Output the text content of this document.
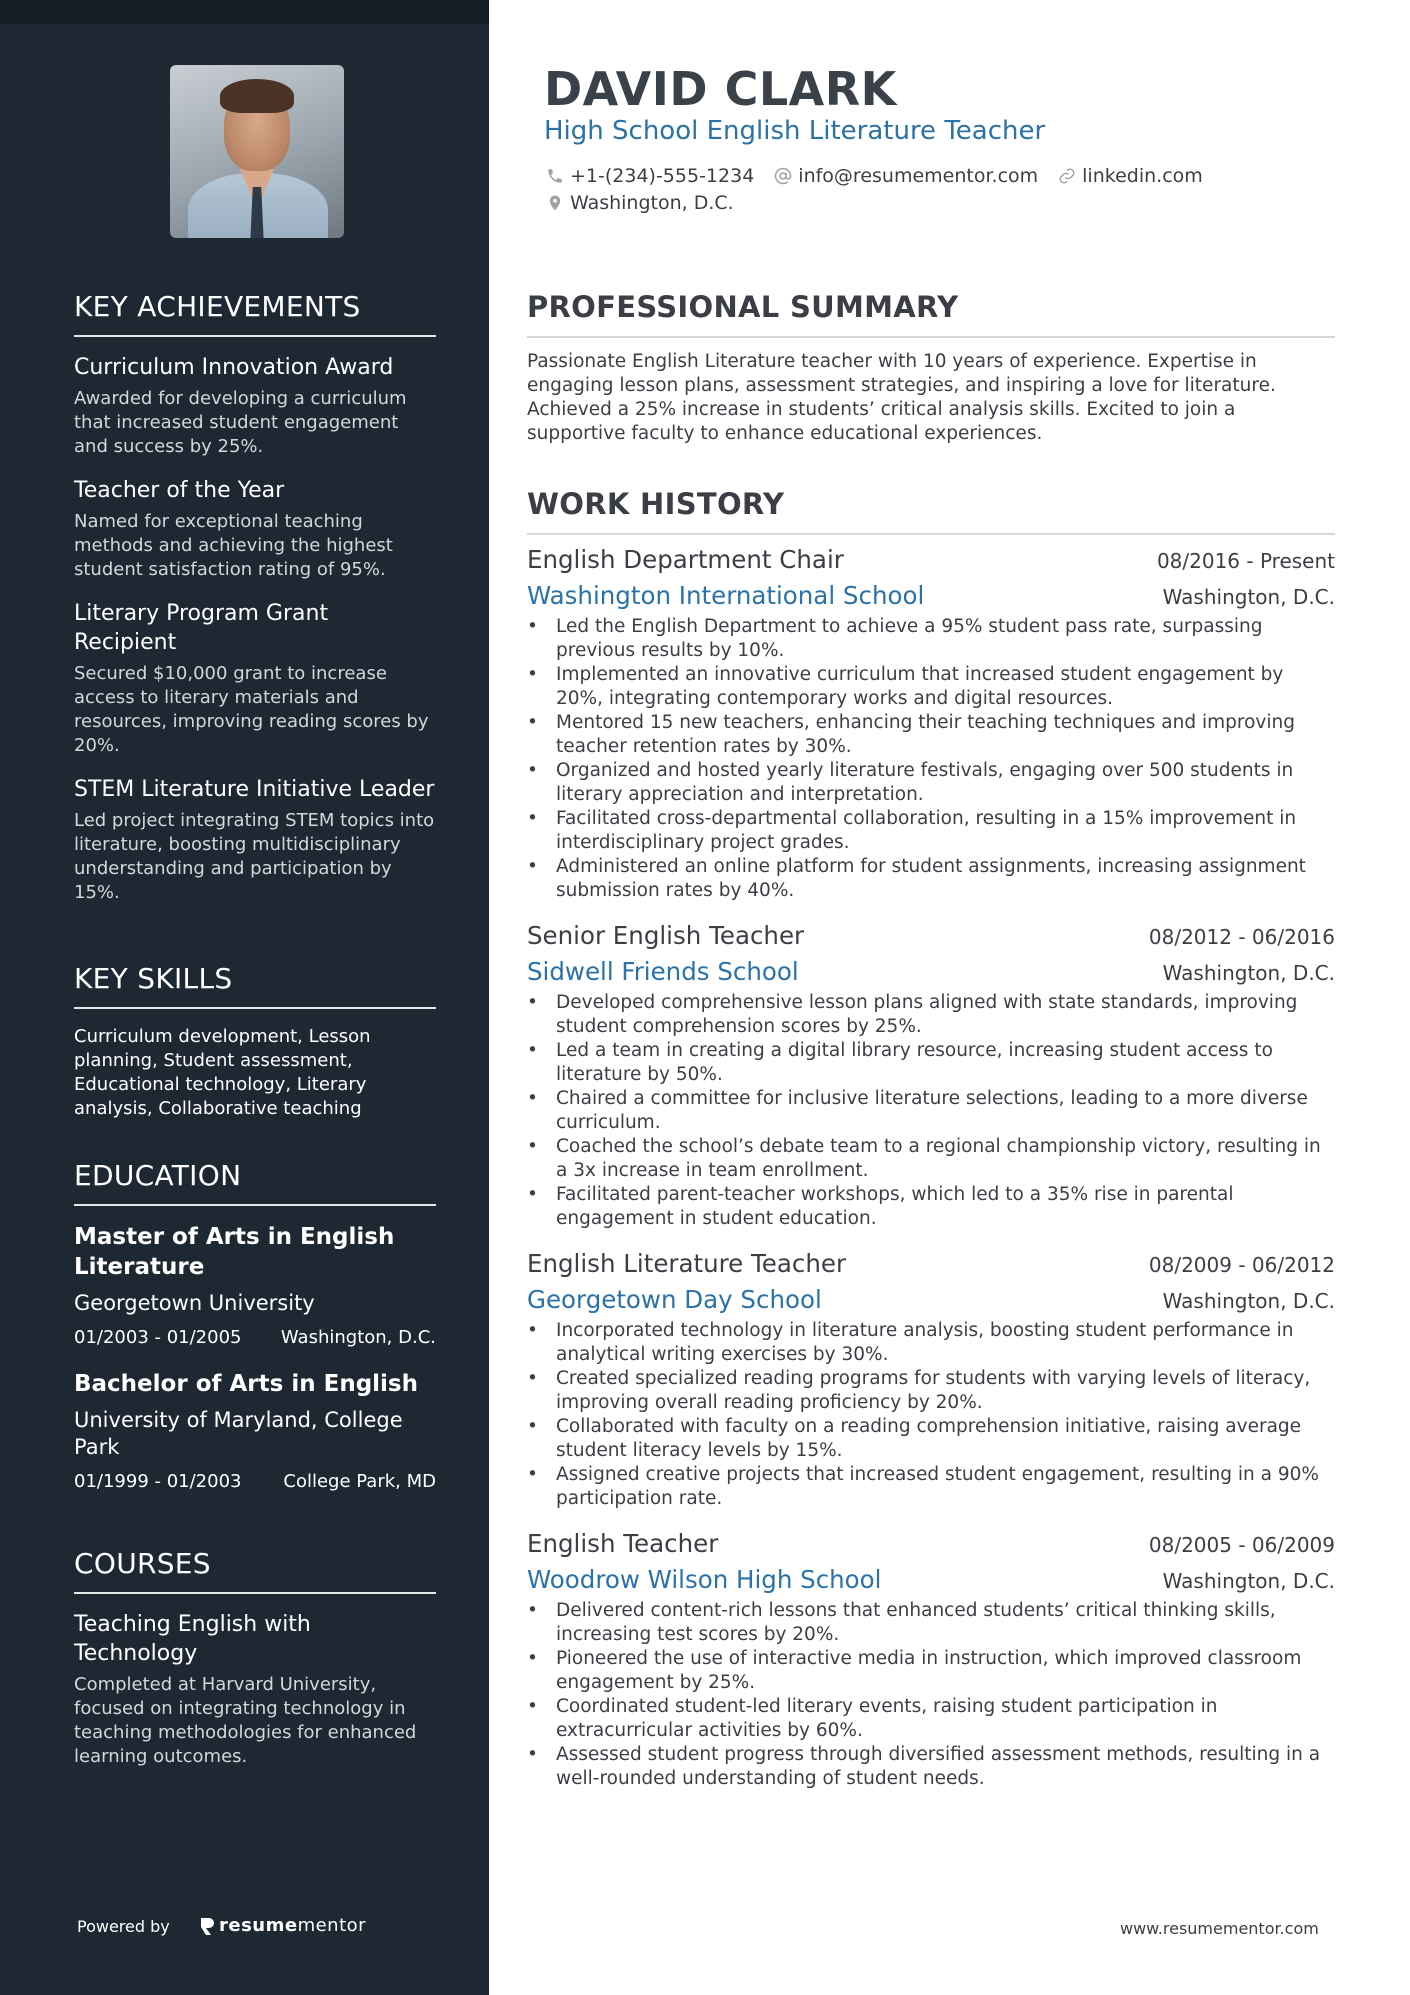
KEY ACHIEVEMENTS
Curriculum Innovation Award
Awarded for developing a curriculum that increased student engagement and success by 25%.
Teacher of the Year
Named for exceptional teaching methods and achieving the highest student satisfaction rating of 95%.
Literary Program Grant Recipient
Secured $10,000 grant to increase access to literary materials and resources, improving reading scores by 20%.
STEM Literature Initiative Leader
Led project integrating STEM topics into literature, boosting multidisciplinary understanding and participation by 15%.
KEY SKILLS
Curriculum development, Lesson planning, Student assessment, Educational technology, Literary analysis, Collaborative teaching
EDUCATION
Master of Arts in English Literature
Georgetown University
01/2003 - 01/2005 Washington, D.C.
Bachelor of Arts in English
University of Maryland, College Park
01/1999 - 01/2003 College Park, MD
COURSES
Teaching English with Technology
Completed at Harvard University, focused on integrating technology in teaching methodologies for enhanced learning outcomes.
Powered by	resume mentor
DAVID CLARK
High School English Literature Teacher
+1-(234)-555-1234 info@resumementor.com linkedin.com
Washington, D.C.
PROFESSIONAL SUMMARY

Passionate English Literature teacher with 10 years of experience. Expertise in engaging lesson plans, assessment strategies, and inspiring a love for literature. Achieved a 25% increase in students’ critical analysis skills. Excited to join a supportive faculty to enhance educational experiences.

WORK HISTORY
English Department Chair	08/2016 - Present
Washington International School	Washington, D.C.
• Led the English Department to achieve a 95% student pass rate, surpassing previous results by 10%.
• Implemented an innovative curriculum that increased student engagement by 20%, integrating contemporary works and digital resources.
• Mentored 15 new teachers, enhancing their teaching techniques and improving teacher retention rates by 30%.
• Organized and hosted yearly literature festivals, engaging over 500 students in literary appreciation and interpretation.
• Facilitated cross-departmental collaboration, resulting in a 15% improvement in interdisciplinary project grades.
• Administered an online platform for student assignments, increasing assignment submission rates by 40%.
Senior English Teacher	08/2012 - 06/2016
Sidwell Friends School	Washington, D.C.
• Developed comprehensive lesson plans aligned with state standards, improving student comprehension scores by 25%.
• Led a team in creating a digital library resource, increasing student access to literature by 50%.
• Chaired a committee for inclusive literature selections, leading to a more diverse curriculum.
• Coached the school’s debate team to a regional championship victory, resulting in a 3x increase in team enrollment.
• Facilitated parent-teacher workshops, which led to a 35% rise in parental engagement in student education.
English Literature Teacher	08/2009 - 06/2012
Georgetown Day School	Washington, D.C.
• Incorporated technology in literature analysis, boosting student performance in analytical writing exercises by 30%.
• Created specialized reading programs for students with varying levels of literacy, improving overall reading proficiency by 20%.
• Collaborated with faculty on a reading comprehension initiative, raising average student literacy levels by 15%.
• Assigned creative projects that increased student engagement, resulting in a 90% participation rate.
English Teacher	08/2005 - 06/2009
Woodrow Wilson High School	Washington, D.C.
• Delivered content-rich lessons that enhanced students’ critical thinking skills, increasing test scores by 20%.
• Pioneered the use of interactive media in instruction, which improved classroom engagement by 25%.
• Coordinated student-led literary events, raising student participation in extracurricular activities by 60%.
• Assessed student progress through diversified assessment methods, resulting in a well-rounded understanding of student needs.
www.resumementor.com
